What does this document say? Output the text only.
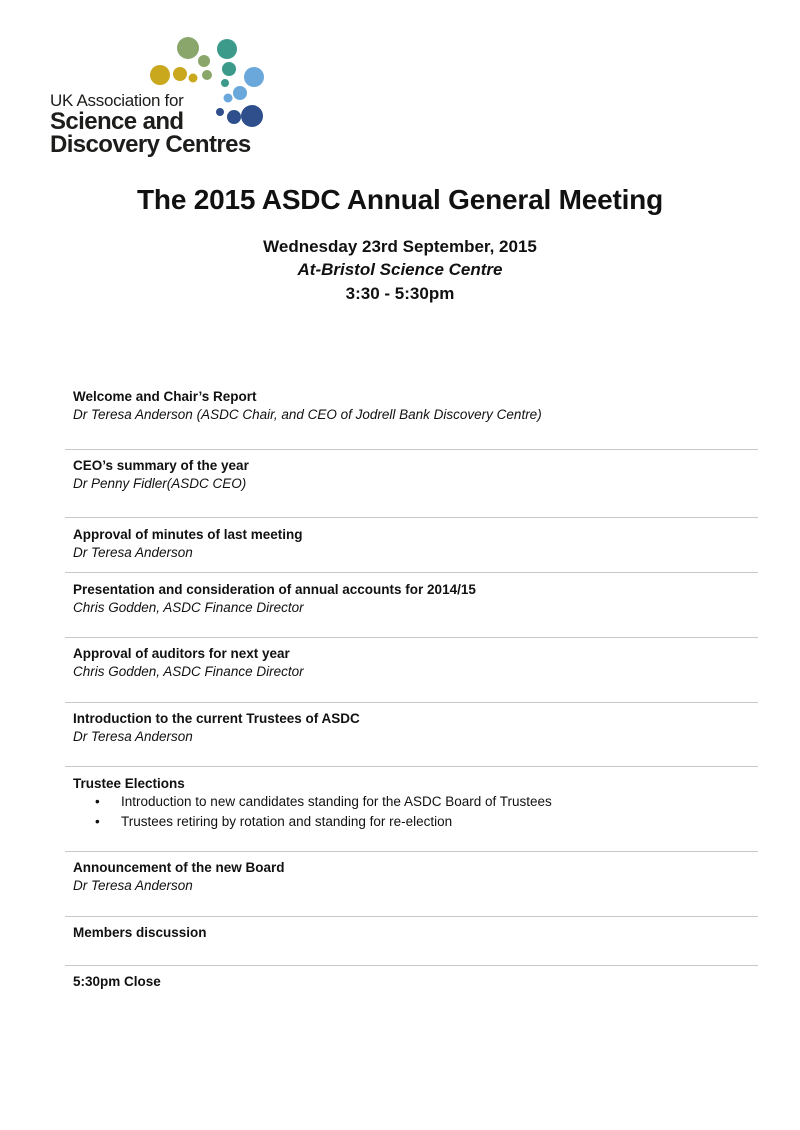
UK Association for
Science and
Discovery Centres
The 2015 ASDC Annual General Meeting
Wednesday 23rd September, 2015
At-Bristol Science Centre
3:30 - 5:30pm
Welcome and Chair’s Report
Dr Teresa Anderson (ASDC Chair, and CEO of Jodrell Bank Discovery Centre)
CEO’s summary of the year
Dr Penny Fidler(ASDC CEO)
Approval of minutes of last meeting
Dr Teresa Anderson
Presentation and consideration of annual accounts for 2014/15
Chris Godden, ASDC Finance Director
Approval of auditors for next year
Chris Godden, ASDC Finance Director
Introduction to the current Trustees of ASDC
Dr Teresa Anderson
Trustee Elections
• Introduction to new candidates standing for the ASDC Board of Trustees
• Trustees retiring by rotation and standing for re-election
Announcement of the new Board
Dr Teresa Anderson
Members discussion
5:30pm Close
